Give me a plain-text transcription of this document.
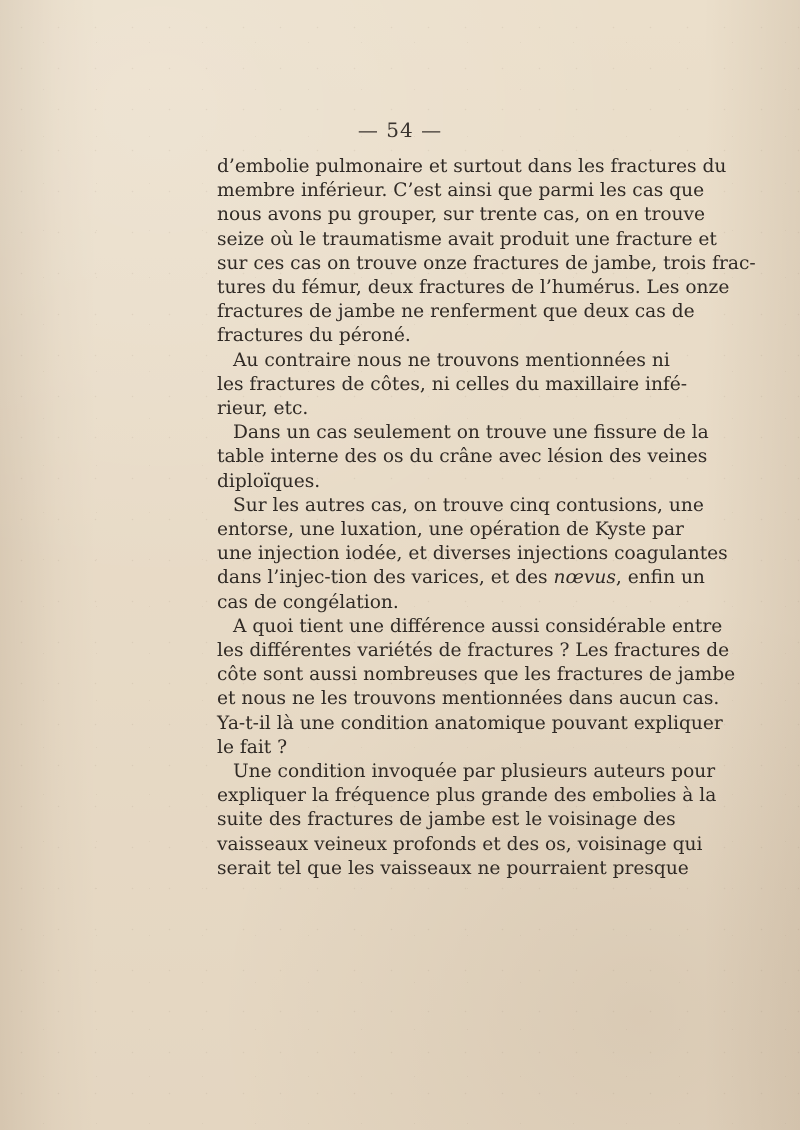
— 54 —
d’embolie pulmonaire et surtout dans les fractures du
membre inférieur. C’est ainsi que parmi les cas que
nous avons pu grouper, sur trente cas, on en trouve
seize où le traumatisme avait produit une fracture et
sur ces cas on trouve onze fractures de jambe, trois frac-
tures du fémur, deux fractures de l’humérus. Les onze
fractures de jambe ne renferment que deux cas de
fractures du péroné.
Au contraire nous ne trouvons mentionnées ni
les fractures de côtes, ni celles du maxillaire infé-
rieur, etc.
Dans un cas seulement on trouve une fissure de la
table interne des os du crâne avec lésion des veines
diploïques.
Sur les autres cas, on trouve cinq contusions, une
entorse, une luxation, une opération de Kyste par
une injection iodée, et diverses injections coagulantes
dans l’injec-tion des varices, et des nœvus, enfin un
cas de congélation.
A quoi tient une différence aussi considérable entre
les différentes variétés de fractures ? Les fractures de
côte sont aussi nombreuses que les fractures de jambe
et nous ne les trouvons mentionnées dans aucun cas.
Ya-t-il là une condition anatomique pouvant expliquer
le fait ?
Une condition invoquée par plusieurs auteurs pour
expliquer la fréquence plus grande des embolies à la
suite des fractures de jambe est le voisinage des
vaisseaux veineux profonds et des os, voisinage qui
serait tel que les vaisseaux ne pourraient presque
